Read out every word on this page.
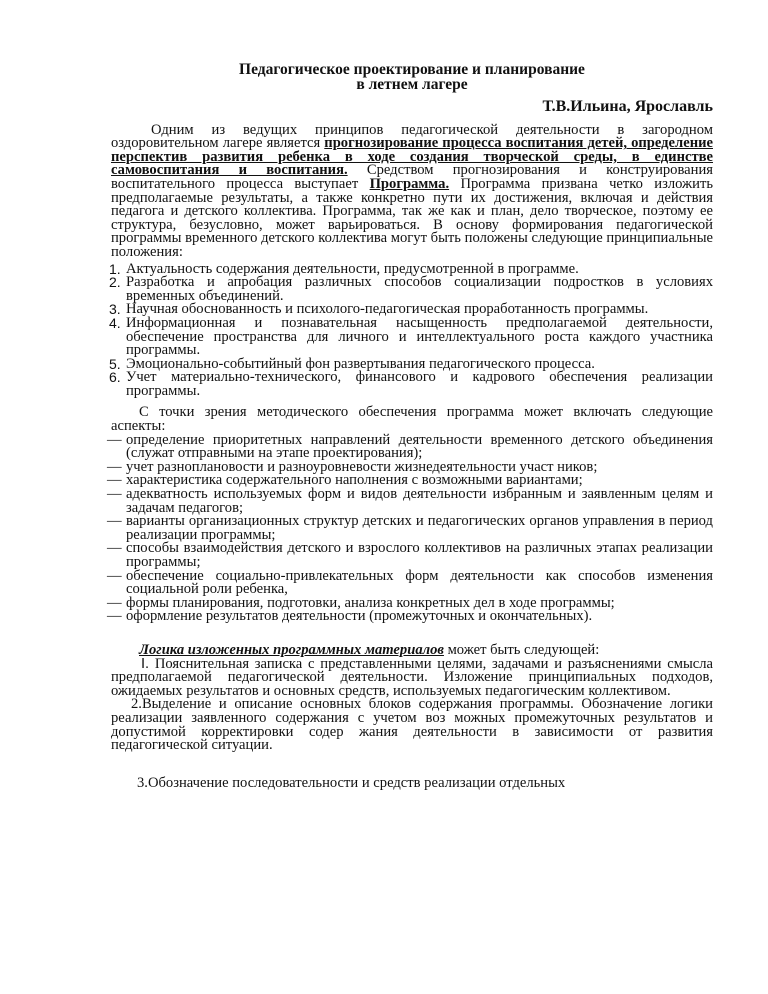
Педагогическое проектирование и планирование

в летнем лагере

Т.В.Ильина, Ярославль

Одним из ведущих принципов педагогической деятельности в загородном оздоровительном лагере является прогнозирование процесса воспитания детей, определение перспектив развития ребенка в ходе создания творческой среды, в единстве самовоспитания и воспитания. Средством прогнозирования и конструирования воспитательного процесса выступает Программа. Программа призвана четко изложить предполагаемые результаты, а также конкретно пути их достижения, включая и действия педагога и детского коллектива. Программа, так же как и план, дело творческое, поэтому ее структура, безусловно, может варьироваться. В основу формирования педагогической программы временного детского коллектива могут быть положены следующие принципиальные положения:

1. Актуальность содержания деятельности, предусмотренной в программе.
2. Разработка и апробация различных способов социализации подростков в условиях временных объединений.
3. Научная обоснованность и психолого-педагогическая проработанность программы.
4. Информационная и познавательная насыщенность предполагаемой деятельности, обеспечение пространства для личного и интеллектуального роста каждого участника программы.
5. Эмоционально-событийный фон развертывания педагогического процесса.
6. Учет материально-технического, финансового и кадрового обеспечения реализации программы.

С точки зрения методического обеспечения программа может включать следующие аспекты:

— определение приоритетных направлений деятельности временного детского объединения (служат отправными на этапе проектирования);
— учет разноплановости и разноуровневости жизнедеятельности участ ников;
— характеристика содержательного наполнения с возможными вариантами;
— адекватность используемых форм и видов деятельности избранным и заявленным целям и задачам педагогов;
— варианты организационных структур детских и педагогических органов управления в период реализации программы;
— способы взаимодействия детского и взрослого коллективов на различных этапах реализации программы;
— обеспечение социально-привлекательных форм деятельности как способов изменения социальной роли ребенка,
— формы планирования, подготовки, анализа конкретных дел в ходе программы;
— оформление результатов деятельности (промежуточных и окончательных).

Логика изложенных программных материалов может быть следующей:

I. Пояснительная записка с представленными целями, задачами и разъяснениями смысла предполагаемой педагогической деятельности. Изложение принципиальных подходов, ожидаемых результатов и основных средств, используемых педагогическим коллективом.

2.Выделение и описание основных блоков содержания программы. Обозначение логики реализации заявленного содержания с учетом воз можных промежуточных результатов и допустимой корректировки содер жания деятельности в зависимости от развития педагогической ситуации.

3.Обозначение последовательности и средств реализации отдельных
